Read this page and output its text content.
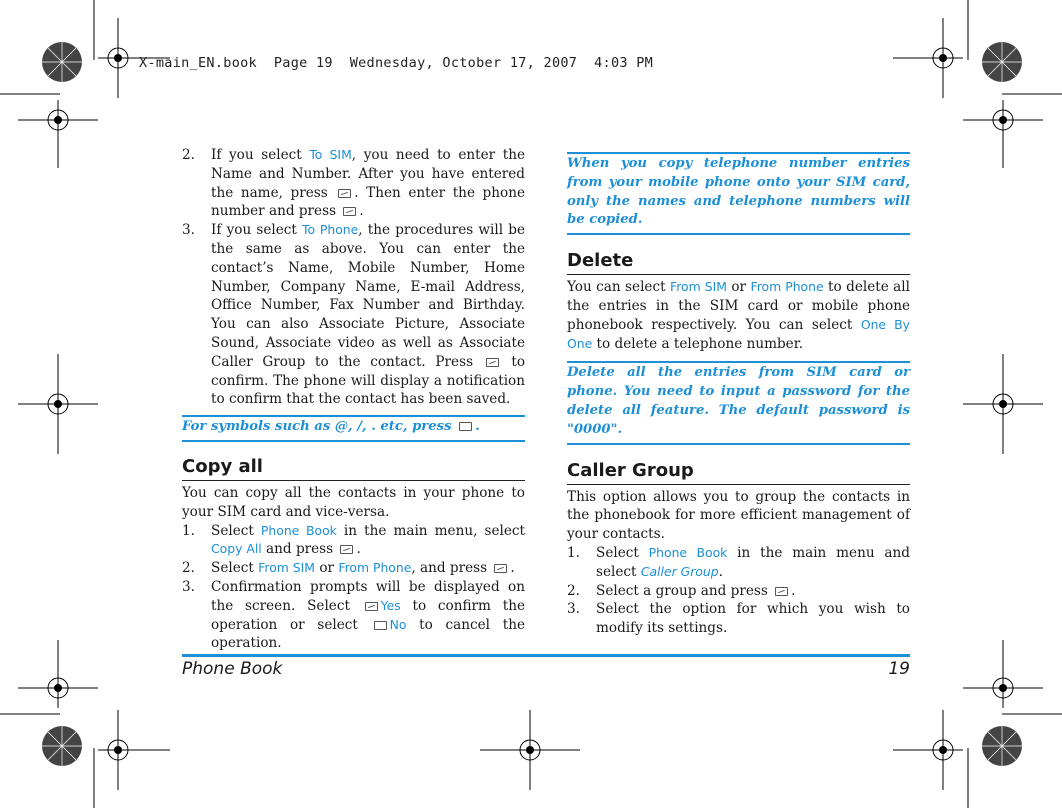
X-main_EN.book  Page 19  Wednesday, October 17, 2007  4:03 PM
2. If you select To SIM, you need to enter the Name and Number. After you have entered the name, press . Then enter the phone number and press .
3. If you select To Phone, the procedures will be the same as above. You can enter the contact’s Name, Mobile Number, Home Number, Company Name, E-mail Address, Office Number, Fax Number and Birthday. You can also Associate Picture, Associate Sound, Associate video as well as Associate Caller Group to the contact. Press  to confirm. The phone will display a notification to confirm that the contact has been saved.
For symbols such as @, /, . etc, press .
Copy all

You can copy all the contacts in your phone to your SIM card and vice-versa.

1. Select Phone Book in the main menu, select Copy All and press .
2. Select From SIM or From Phone, and press .
3. Confirmation prompts will be displayed on the screen. Select Yes to confirm the operation or select No to cancel the operation.
When you copy telephone number entries from your mobile phone onto your SIM card, only the names and telephone numbers will be copied.
Delete

You can select From SIM or From Phone to delete all the entries in the SIM card or mobile phone phonebook respectively. You can select One By One to delete a telephone number.

Delete all the entries from SIM card or phone. You need to input a password for the delete all feature. The default password is "0000".
Caller Group

This option allows you to group the contacts in the phonebook for more efficient management of your contacts.

1. Select Phone Book in the main menu and select Caller Group.
2. Select a group and press .
3. Select the option for which you wish to modify its settings.
Phone Book	19
